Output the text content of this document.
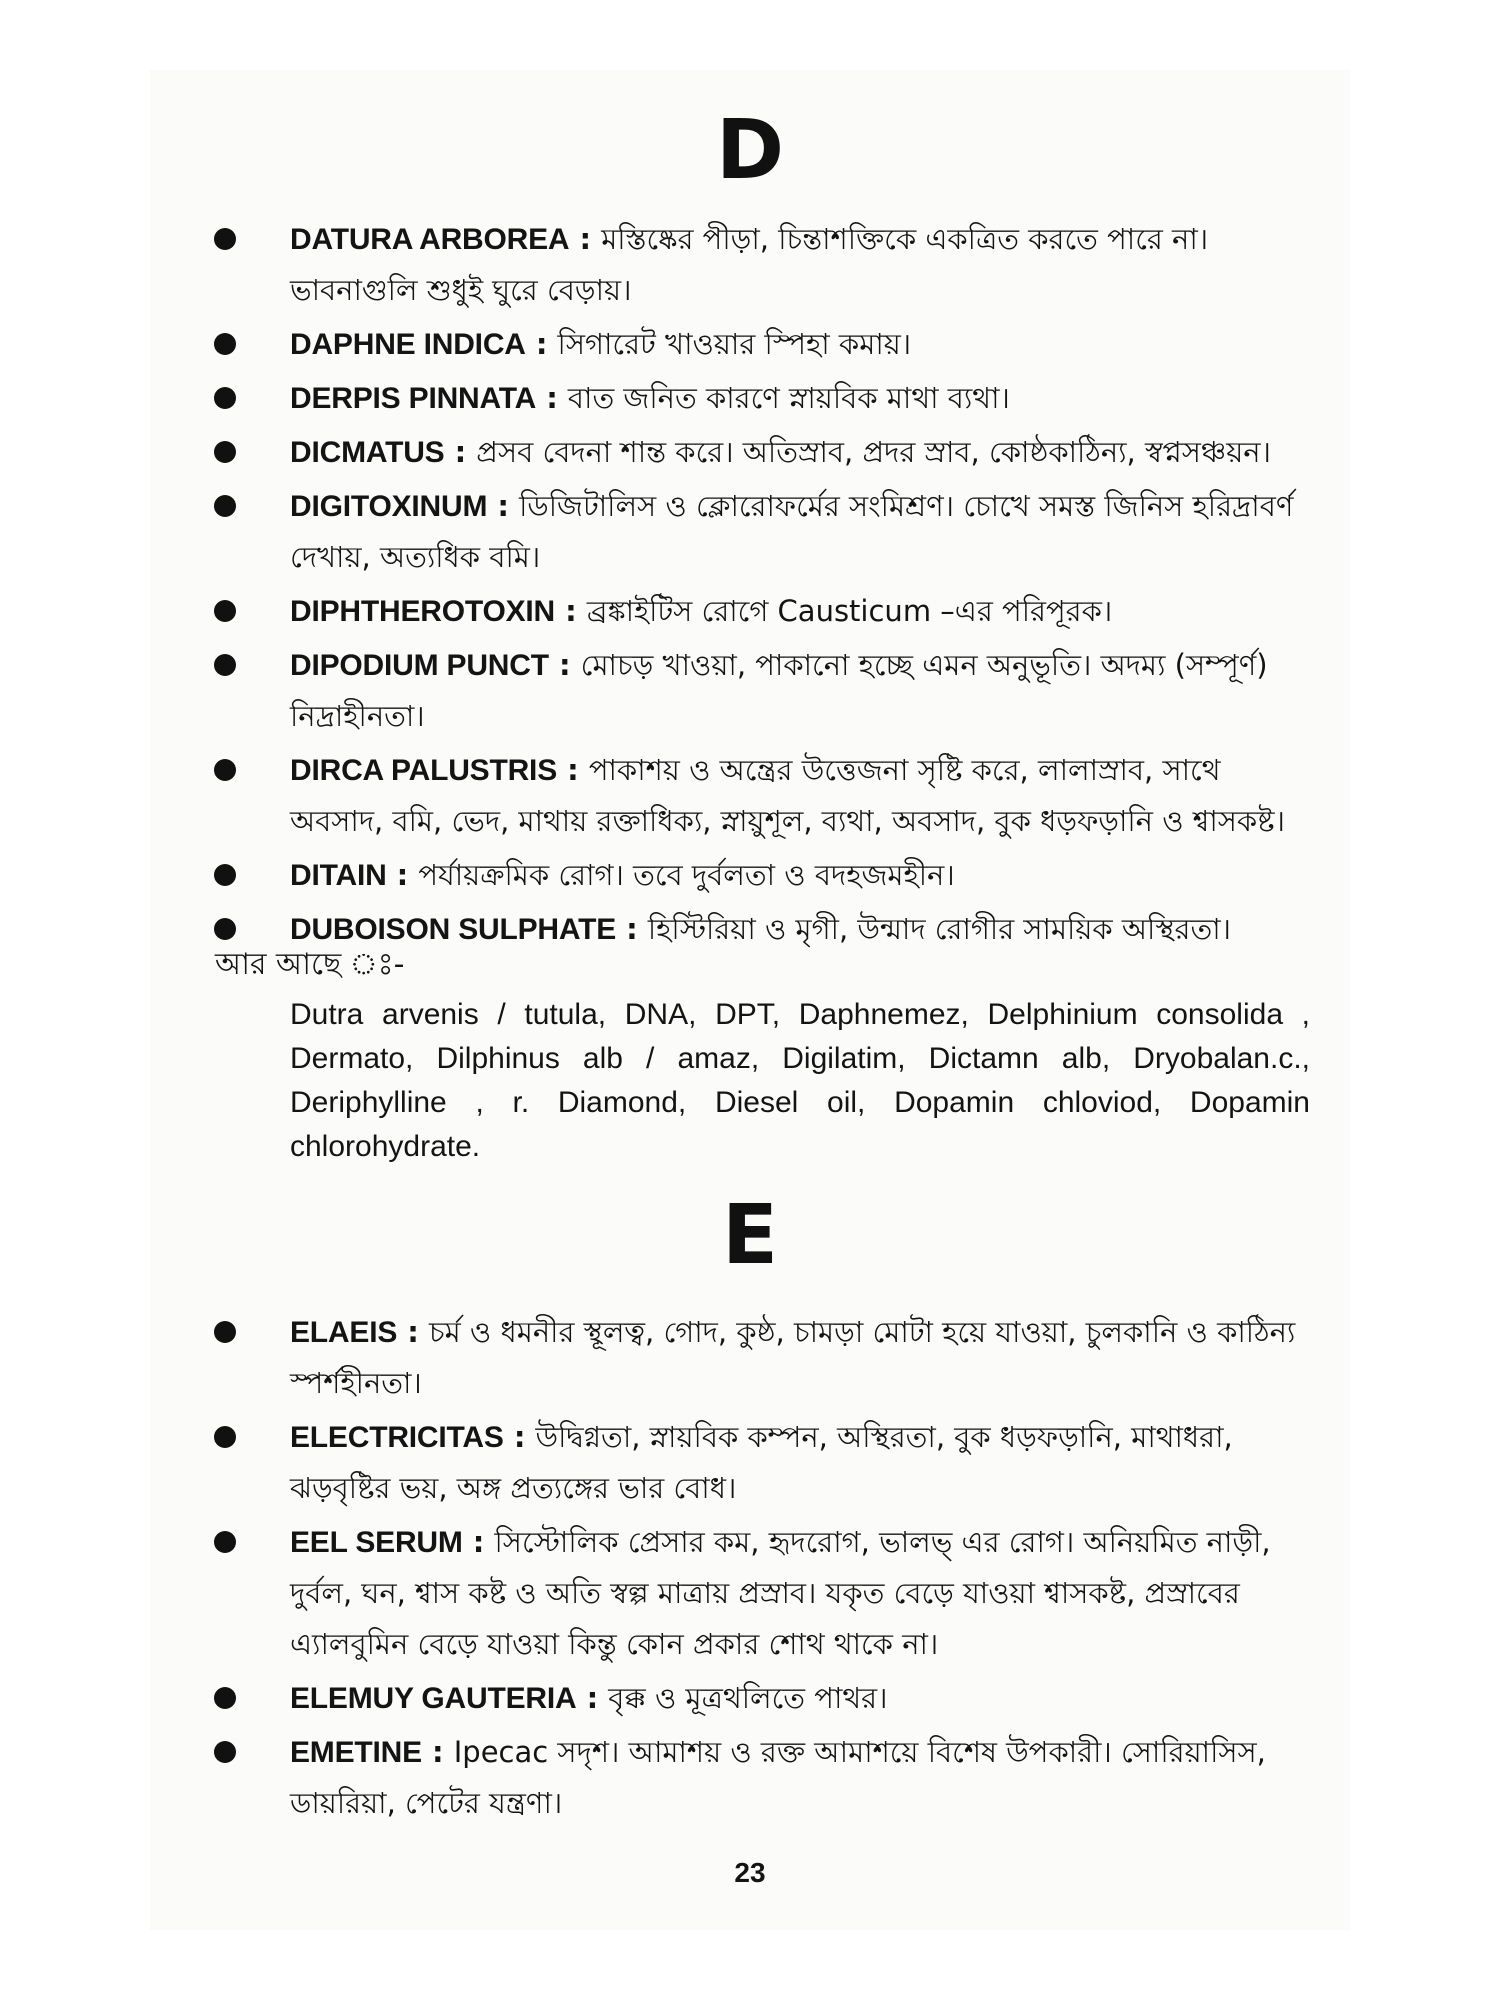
D
DATURA ARBOREA : মস্তিষ্কের পীড়া, চিন্তাশক্তিকে একত্রিত করতে পারে না। ভাবনাগুলি শুধুই ঘুরে বেড়ায়।
DAPHNE INDICA : সিগারেট খাওয়ার স্পিহা কমায়।
DERPIS PINNATA : বাত জনিত কারণে স্নায়বিক মাথা ব্যথা।
DICMATUS : প্রসব বেদনা শান্ত করে। অতিস্রাব, প্রদর স্রাব, কোষ্ঠকাঠিন্য, স্বপ্নসঞ্চয়ন।
DIGITOXINUM : ডিজিটালিস ও ক্লোরোফর্মের সংমিশ্রণ। চোখে সমস্ত জিনিস হরিদ্রাবর্ণ দেখায়, অত্যধিক বমি।
DIPHTHEROTOXIN : ব্রঙ্কাইটিস রোগে Causticum –এর পরিপূরক।
DIPODIUM PUNCT : মোচড় খাওয়া, পাকানো হচ্ছে এমন অনুভূতি। অদম্য (সম্পূর্ণ) নিদ্রাহীনতা।
DIRCA PALUSTRIS : পাকাশয় ও অন্ত্রের উত্তেজনা সৃষ্টি করে, লালাস্রাব, সাথে অবসাদ, বমি, ভেদ, মাথায় রক্তাধিক্য, স্নায়ুশূল, ব্যথা, অবসাদ, বুক ধড়ফড়ানি ও শ্বাসকষ্ট।
DITAIN : পর্যায়ক্রমিক রোগ। তবে দুর্বলতা ও বদহজমহীন।
DUBOISON SULPHATE : হিস্টিরিয়া ও মৃগী, উন্মাদ রোগীর সাময়িক অস্থিরতা।
আর আছে ঃ-
Dutra arvenis / tutula, DNA, DPT, Daphnemez, Delphinium consolida , Dermato, Dilphinus alb / amaz, Digilatim, Dictamn alb, Dryobalan.c., Deriphylline , r. Diamond, Diesel oil, Dopamin chloviod, Dopamin chlorohydrate.
E
ELAEIS : চর্ম ও ধমনীর স্থূলত্ব, গোদ, কুষ্ঠ, চামড়া মোটা হয়ে যাওয়া, চুলকানি ও কাঠিন্য স্পর্শহীনতা।
ELECTRICITAS : উদ্বিগ্নতা, স্নায়বিক কম্পন, অস্থিরতা, বুক ধড়ফড়ানি, মাথাধরা, ঝড়বৃষ্টির ভয়, অঙ্গ প্রত্যঙ্গের ভার বোধ।
EEL SERUM : সিস্টোলিক প্রেসার কম, হৃদরোগ, ভালভ্ এর রোগ। অনিয়মিত নাড়ী, দুর্বল, ঘন, শ্বাস কষ্ট ও অতি স্বল্প মাত্রায় প্রস্রাব। যকৃত বেড়ে যাওয়া শ্বাসকষ্ট, প্রস্রাবের এ্যালবুমিন বেড়ে যাওয়া কিন্তু কোন প্রকার শোথ থাকে না।
ELEMUY GAUTERIA : বৃক্ক ও মূত্রথলিতে পাথর।
EMETINE : Ipecac সদৃশ। আমাশয় ও রক্ত আমাশয়ে বিশেষ উপকারী। সোরিয়াসিস, ডায়রিয়া, পেটের যন্ত্রণা।
23
